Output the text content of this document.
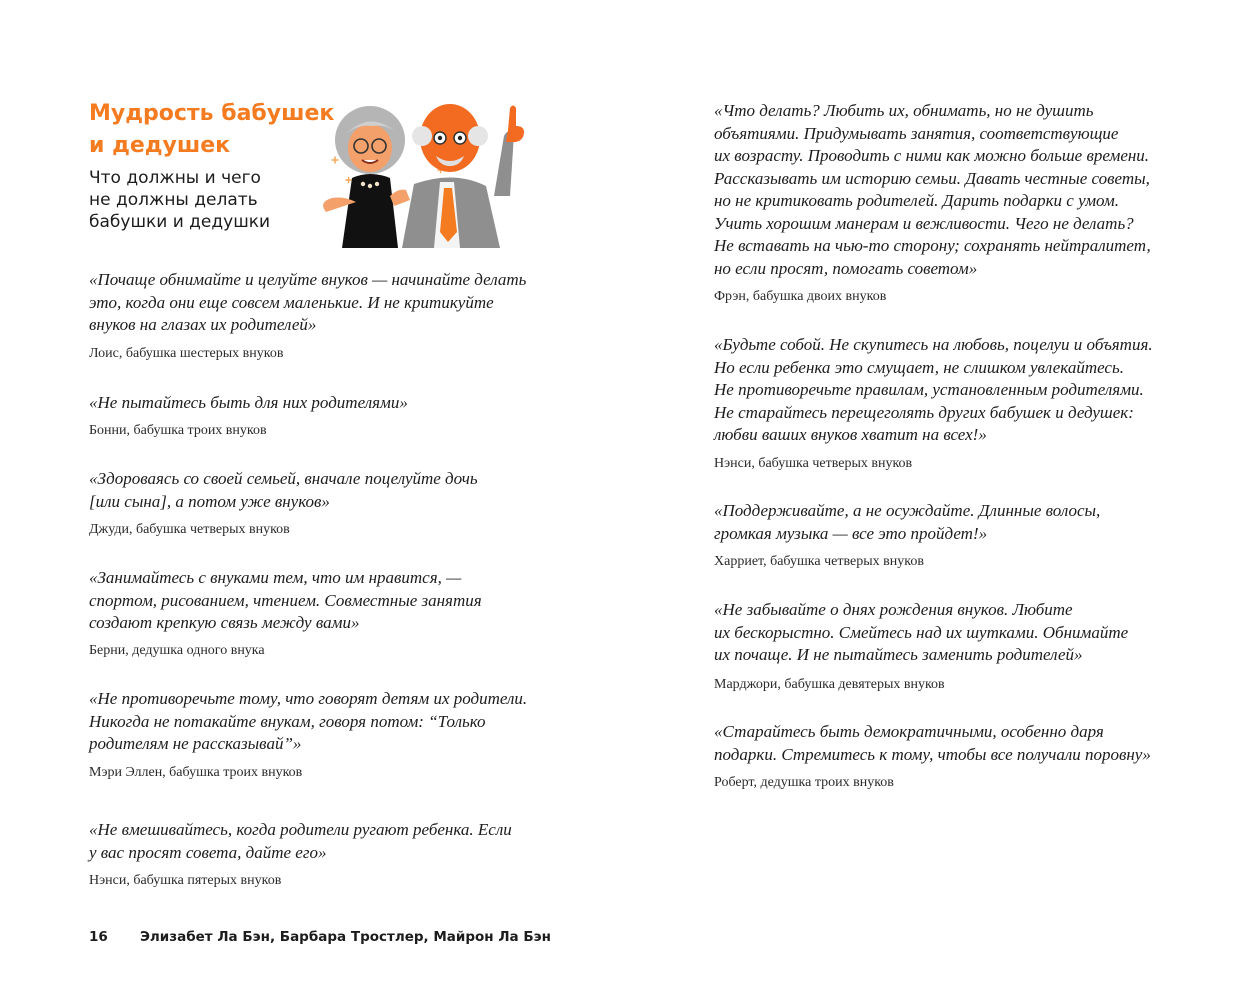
Мудрость бабушек
и дедушек

Что должны и чего
не должны делать
бабушки и дедушки

«Почаще обнимайте и целуйте внуков — начинайте делать
это, когда они еще совсем маленькие. И не критикуйте
внуков на глазах их родителей»

Лоис, бабушка шестерых внуков

«Не пытайтесь быть для них родителями»

Бонни, бабушка троих внуков

«Здороваясь со своей семьей, вначале поцелуйте дочь
[или сына], а потом уже внуков»

Джуди, бабушка четверых внуков

«Занимайтесь с внуками тем, что им нравится, —
спортом, рисованием, чтением. Совместные занятия
создают крепкую связь между вами»

Берни, дедушка одного внука

«Не противоречьте тому, что говорят детям их родители.
Никогда не потакайте внукам, говоря потом: “Только
родителям не рассказывай”»

Мэри Эллен, бабушка троих внуков

«Не вмешивайтесь, когда родители ругают ребенка. Если
у вас просят совета, дайте его»

Нэнси, бабушка пятерых внуков

«Что делать? Любить их, обнимать, но не душить
объятиями. Придумывать занятия, соответствующие
их возрасту. Проводить с ними как можно больше времени.
Рассказывать им историю семьи. Давать честные советы,
но не критиковать родителей. Дарить подарки с умом.
Учить хорошим манерам и вежливости. Чего не делать?
Не вставать на чью-то сторону; сохранять нейтралитет,
но если просят, помогать советом»

Фрэн, бабушка двоих внуков

«Будьте собой. Не скупитесь на любовь, поцелуи и объятия.
Но если ребенка это смущает, не слишком увлекайтесь.
Не противоречьте правилам, установленным родителями.
Не старайтесь перещеголять других бабушек и дедушек:
любви ваших внуков хватит на всех!»

Нэнси, бабушка четверых внуков

«Поддерживайте, а не осуждайте. Длинные волосы,
громкая музыка — все это пройдет!»

Харриет, бабушка четверых внуков

«Не забывайте о днях рождения внуков. Любите
их бескорыстно. Смейтесь над их шутками. Обнимайте
их почаще. И не пытайтесь заменить родителей»

Марджори, бабушка девятерых внуков

«Старайтесь быть демократичными, особенно даря
подарки. Стремитесь к тому, чтобы все получали поровну»

Роберт, дедушка троих внуков

16 Элизабет Ла Бэн, Барбара Тростлер, Майрон Ла Бэн
